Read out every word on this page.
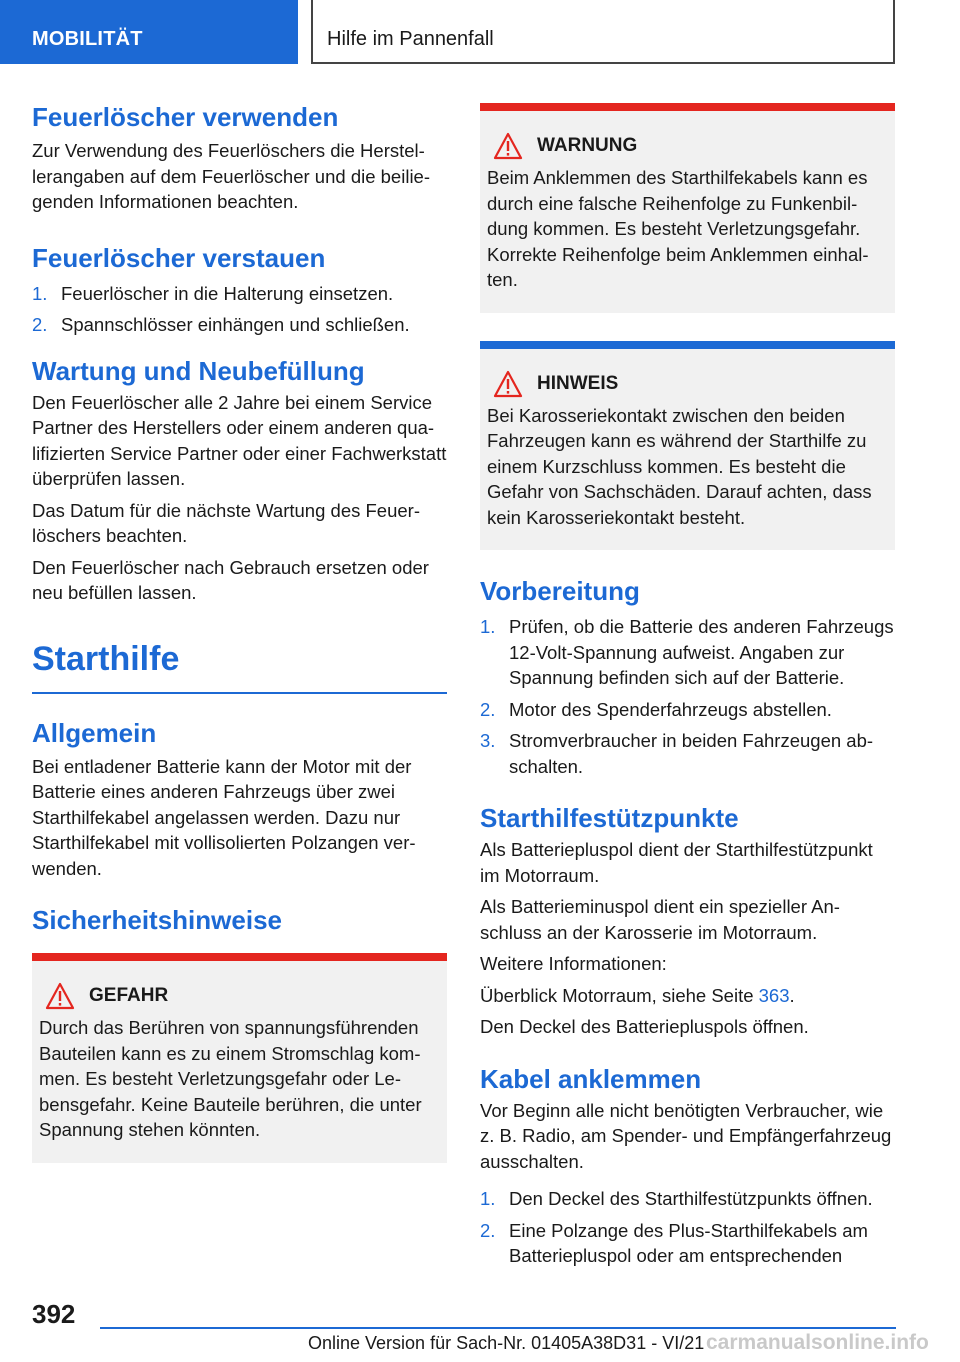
MOBILITÄT	Hilfe im Pannenfall
Feuerlöscher verwenden

Zur Verwendung des Feuerlöschers die Herstellerangaben auf dem Feuerlöscher und die beiliegenden Informationen beachten.

Feuerlöscher verstauen
1. Feuerlöscher in die Halterung einsetzen.
2. Spannschlösser einhängen und schließen.
Wartung und Neubefüllung

Den Feuerlöscher alle 2 Jahre bei einem Service Partner des Herstellers oder einem anderen qualifizierten Service Partner oder einer Fachwerkstatt überprüfen lassen.

Das Datum für die nächste Wartung des Feuerlöschers beachten.

Den Feuerlöscher nach Gebrauch ersetzen oder neu befüllen lassen.

Starthilfe
Allgemein

Bei entladener Batterie kann der Motor mit der Batterie eines anderen Fahrzeugs über zwei Starthilfekabel angelassen werden. Dazu nur Starthilfekabel mit vollisolierten Polzangen verwenden.

Sicherheitshinweise
GEFAHR

Durch das Berühren von spannungsführenden Bauteilen kann es zu einem Stromschlag kommen. Es besteht Verletzungsgefahr oder Lebensgefahr. Keine Bauteile berühren, die unter Spannung stehen könnten.

WARNUNG

Beim Anklemmen des Starthilfekabels kann es durch eine falsche Reihenfolge zu Funkenbildung kommen. Es besteht Verletzungsgefahr. Korrekte Reihenfolge beim Anklemmen einhalten.

HINWEIS

Bei Karosseriekontakt zwischen den beiden Fahrzeugen kann es während der Starthilfe zu einem Kurzschluss kommen. Es besteht die Gefahr von Sachschäden. Darauf achten, dass kein Karosseriekontakt besteht.

Vorbereitung
1. Prüfen, ob die Batterie des anderen Fahrzeugs 12-Volt-Spannung aufweist. Angaben zur Spannung befinden sich auf der Batterie.
2. Motor des Spenderfahrzeugs abstellen.
3. Stromverbraucher in beiden Fahrzeugen abschalten.
Starthilfestützpunkte

Als Batteriepluspol dient der Starthilfestützpunkt im Motorraum.

Als Batterieminuspol dient ein spezieller Anschluss an der Karosserie im Motorraum.

Weitere Informationen:

Überblick Motorraum, siehe Seite 363.

Den Deckel des Batteriepluspols öffnen.

Kabel anklemmen

Vor Beginn alle nicht benötigten Verbraucher, wie z. B. Radio, am Spender- und Empfängerfahrzeug ausschalten.

1. Den Deckel des Starthilfestützpunkts öffnen.
2. Eine Polzange des Plus-Starthilfekabels am Batteriepluspol oder am entsprechenden
392
Online Version für Sach-Nr. 01405A38D31 - VI/21 carmanualsonline.info
